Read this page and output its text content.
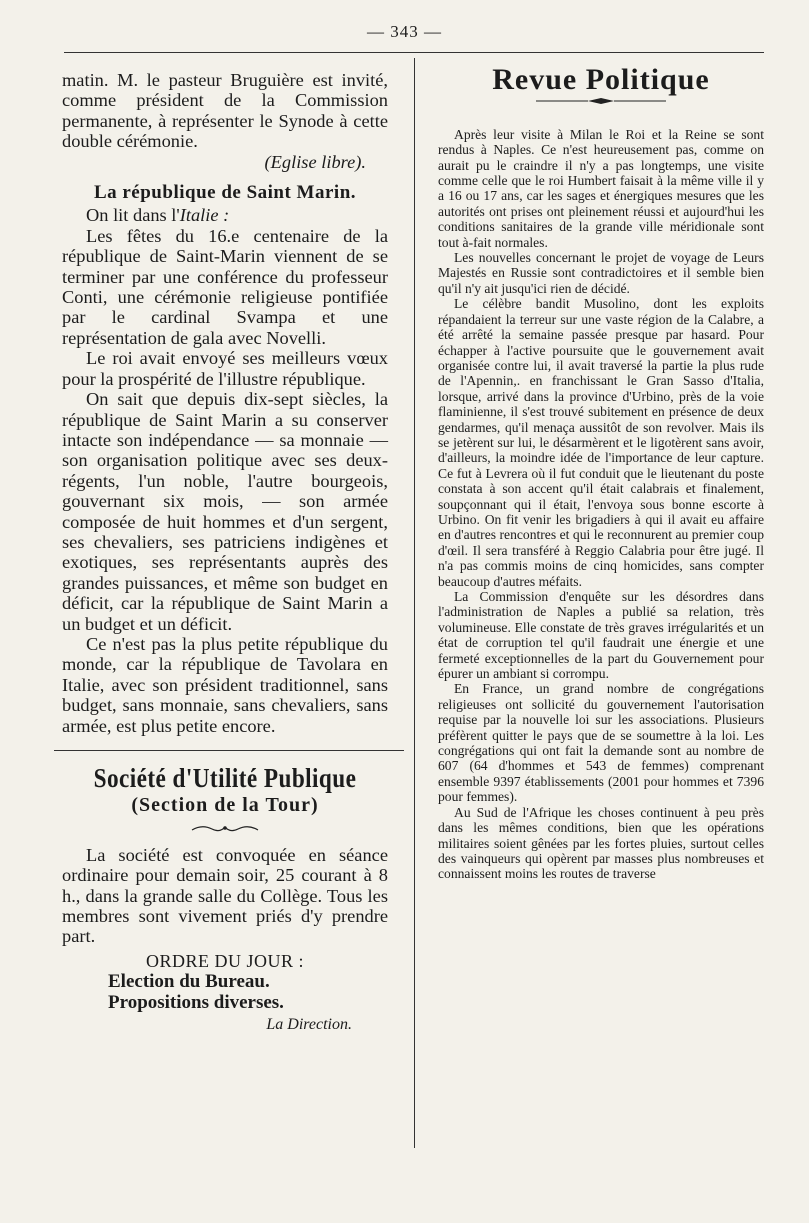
— 343 —

matin. M. le pasteur Bruguière est invité, comme président de la Commission permanente, à représenter le Synode à cette double cérémonie.

(Eglise libre).

La république de Saint Marin.

On lit dans l'Italie :

Les fêtes du 16.e centenaire de la république de Saint-Marin viennent de se terminer par une conférence du professeur Conti, une cérémonie religieuse pontifiée par le cardinal Svampa et une représentation de gala avec Novelli.

Le roi avait envoyé ses meilleurs vœux pour la prospérité de l'illustre république.

On sait que depuis dix-sept siècles, la république de Saint Marin a su conserver intacte son indépendance — sa monnaie — son organisation politique avec ses deux-régents, l'un noble, l'autre bourgeois, gouvernant six mois, — son armée composée de huit hommes et d'un sergent, ses chevaliers, ses patriciens indigènes et exotiques, ses représentants auprès des grandes puissances, et même son budget en déficit, car la république de Saint Marin a un budget et un déficit.

Ce n'est pas la plus petite république du monde, car la république de Tavolara en Italie, avec son président traditionnel, sans budget, sans monnaie, sans chevaliers, sans armée, est plus petite encore.

Société d'Utilité Publique
(Section de la Tour)

La société est convoquée en séance ordinaire pour demain soir, 25 courant à 8 h., dans la grande salle du Collège. Tous les membres sont vivement priés d'y prendre part.

ORDRE DU JOUR :
Election du Bureau.
Propositions diverses.
La Direction.
Revue Politique

Après leur visite à Milan le Roi et la Reine se sont rendus à Naples. Ce n'est heureusement pas, comme on aurait pu le craindre il n'y a pas longtemps, une visite comme celle que le roi Humbert faisait à la même ville il y a 16 ou 17 ans, car les sages et énergiques mesures que les autorités ont prises ont pleinement réussi et aujourd'hui les conditions sanitaires de la grande ville méridionale sont tout à-fait normales.

Les nouvelles concernant le projet de voyage de Leurs Majestés en Russie sont contradictoires et il semble bien qu'il n'y ait jusqu'ici rien de décidé.

Le célèbre bandit Musolino, dont les exploits répandaient la terreur sur une vaste région de la Calabre, a été arrêté la semaine passée presque par hasard. Pour échapper à l'active poursuite que le gouvernement avait organisée contre lui, il avait traversé la partie la plus rude de l'Apennin,. en franchissant le Gran Sasso d'Italia, lorsque, arrivé dans la province d'Urbino, près de la voie flaminienne, il s'est trouvé subitement en présence de deux gendarmes, qu'il menaça aussitôt de son revolver. Mais ils se jetèrent sur lui, le désarmèrent et le ligotèrent sans avoir, d'ailleurs, la moindre idée de l'importance de leur capture. Ce fut à Levrera où il fut conduit que le lieutenant du poste constata à son accent qu'il était calabrais et finalement, soupçonnant qui il était, l'envoya sous bonne escorte à Urbino. On fit venir les brigadiers à qui il avait eu affaire en d'autres rencontres et qui le reconnurent au premier coup d'œil. Il sera transféré à Reggio Calabria pour être jugé. Il n'a pas commis moins de cinq homicides, sans compter beaucoup d'autres méfaits.

La Commission d'enquête sur les désordres dans l'administration de Naples a publié sa relation, très volumineuse. Elle constate de très graves irrégularités et un état de corruption tel qu'il faudrait une énergie et une fermeté exceptionnelles de la part du Gouvernement pour épurer un ambiant si corrompu.

En France, un grand nombre de congrégations religieuses ont sollicité du gouvernement l'autorisation requise par la nouvelle loi sur les associations. Plusieurs préfèrent quitter le pays que de se soumettre à la loi. Les congrégations qui ont fait la demande sont au nombre de 607 (64 d'hommes et 543 de femmes) comprenant ensemble 9397 établissements (2001 pour hommes et 7396 pour femmes).

Au Sud de l'Afrique les choses continuent à peu près dans les mêmes conditions, bien que les opérations militaires soient gênées par les fortes pluies, surtout celles des vainqueurs qui opèrent par masses plus nombreuses et connaissent moins les routes de traverse
